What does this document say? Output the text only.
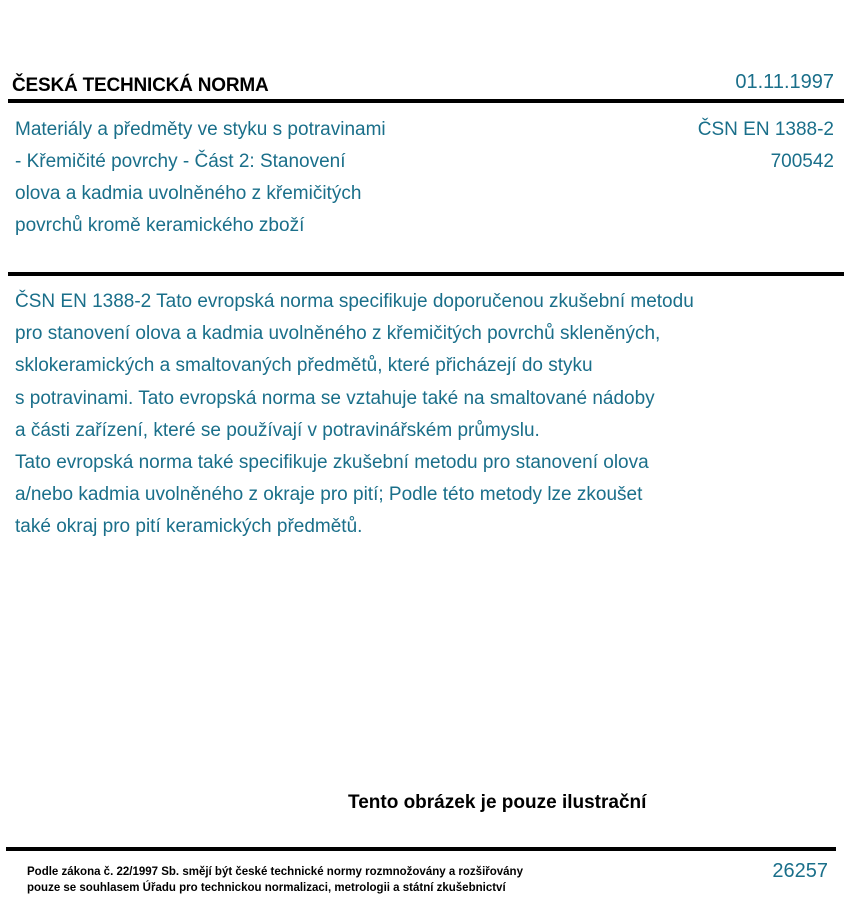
ČESKÁ TECHNICKÁ NORMA	01.11.1997
Materiály a předměty ve styku s potravinami
- Křemičité povrchy - Část 2: Stanovení
olova a kadmia uvolněného z křemičitých
povrchů kromě keramického zboží
ČSN EN 1388-2
700542
ČSN EN 1388-2 Tato evropská norma specifikuje doporučenou zkušební metodu
pro stanovení olova a kadmia uvolněného z křemičitých povrchů skleněných,
sklokeramických a smaltovaných předmětů, které přicházejí do styku
s potravinami. Tato evropská norma se vztahuje také na smaltované nádoby
a části zařízení, které se používají v potravinářském průmyslu.
Tato evropská norma také specifikuje zkušební metodu pro stanovení olova
a/nebo kadmia uvolněného z okraje pro pití; Podle této metody lze zkoušet
také okraj pro pití keramických předmětů.
Tento obrázek je pouze ilustrační
Podle zákona č. 22/1997 Sb. smějí být české technické normy rozmnožovány a rozšiřovány
pouze se souhlasem Úřadu pro technickou normalizaci, metrologii a státní zkušebnictví
26257
